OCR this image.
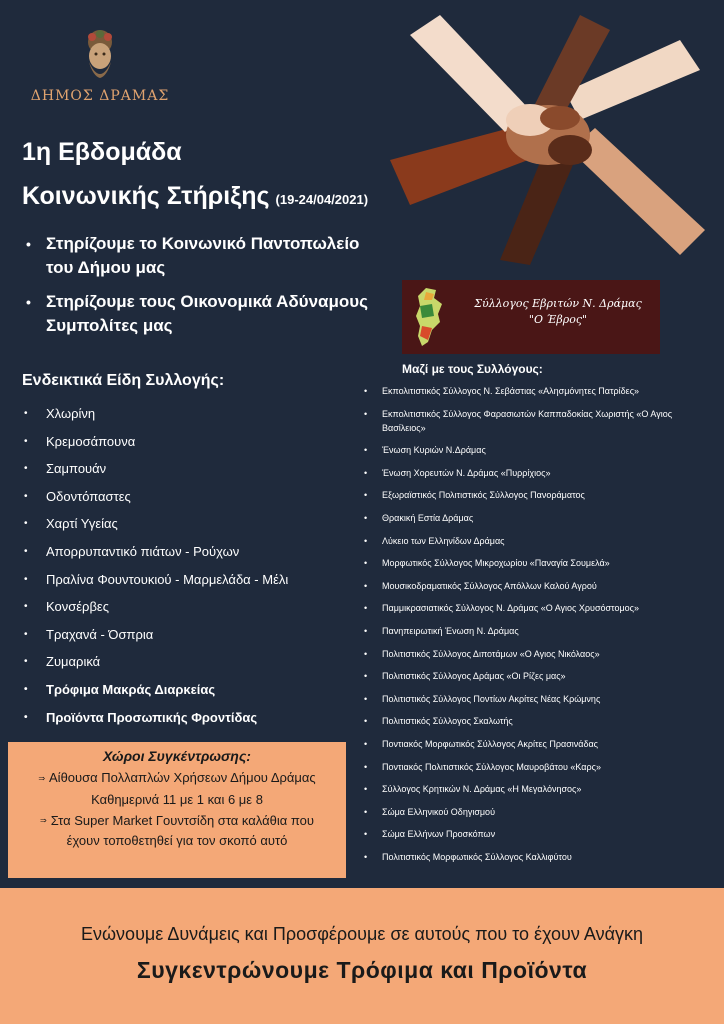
ΔΗΜΟΣ ΔΡΑΜΑΣ
1η Εβδομάδα
Κοινωνικής Στήριξης (19-24/04/2021)
• Στηρίζουμε το Κοινωνικό Παντοπωλείο του Δήμου μας
• Στηρίζουμε τους Οικονομικά Αδύναμους Συμπολίτες μας
Σύλλογος Εβριτών Ν. Δράμας
"Ο Έβρος"
Ενδεικτικά Είδη Συλλογής:
• Χλωρίνη
• Κρεμοσάπουνα
• Σαμπουάν
• Οδοντόπαστες
• Χαρτί Υγείας
• Απορρυπαντικό πιάτων - Ρούχων
• Πραλίνα Φουντουκιού - Μαρμελάδα - Μέλι
• Κονσέρβες
• Τραχανά - Όσπρια
• Ζυμαρικά
• Τρόφιμα Μακράς Διαρκείας
• Προϊόντα Προσωπικής Φροντίδας
Μαζί με τους Συλλόγους:
• Εκπολιτιστικός Σύλλογος Ν. Σεβάστιας «Αλησμόνητες Πατρίδες»
• Εκπολιτιστικός Σύλλογος Φαρασιωτών Καππαδοκίας Χωριστής «Ο Αγιος Βασίλειος»
• Ένωση Κυριών Ν.Δράμας
• Ένωση Χορευτών Ν. Δράμας «Πυρρίχιος»
• Εξωραϊστικός Πολιτιστικός Σύλλογος Πανοράματος
• Θρακική Εστία Δράμας
• Λύκειο των Ελληνίδων Δράμας
• Μορφωτικός Σύλλογος Μικροχωρίου «Παναγία Σουμελά»
• Μουσικοδραματικός Σύλλογος Απόλλων Καλού Αγρού
• Παμμικρασιατικός Σύλλογος Ν. Δράμας «Ο Αγιος Χρυσόστομος»
• Πανηπειρωτική Ένωση Ν. Δράμας
• Πολιτιστικός Σύλλογος Διποτάμων «Ο Αγιος Νικόλαος»
• Πολιτιστικός Σύλλογος Δράμας «Οι Ρίζες μας»
• Πολιτιστικός Σύλλογος Ποντίων Ακρίτες Νέας Κρώμνης
• Πολιτιστικός Σύλλογος Σκαλωτής
• Ποντιακός Μορφωτικός Σύλλογος Ακρίτες Πρασινάδας
• Ποντιακός Πολιτιστικός Σύλλογος Μαυροβάτου «Καρς»
• Σύλλογος Κρητικών Ν. Δράμας «Η Μεγαλόνησος»
• Σώμα Ελληνικού Οδηγισμού
• Σώμα Ελλήνων Προσκόπων
• Πολιτιστικός Μορφωτικός Σύλλογος Καλλιφύτου
Χώροι Συγκέντρωσης:
⇒ Αίθουσα Πολλαπλών Χρήσεων Δήμου Δράμας
Καθημερινά 11 με 1 και 6 με 8
⇒ Στα Super Market Γουντσίδη στα καλάθια που
έχουν τοποθετηθεί για τον σκοπό αυτό
Ενώνουμε Δυνάμεις και Προσφέρουμε σε αυτούς που το έχουν Ανάγκη
Συγκεντρώνουμε Τρόφιμα και Προϊόντα
